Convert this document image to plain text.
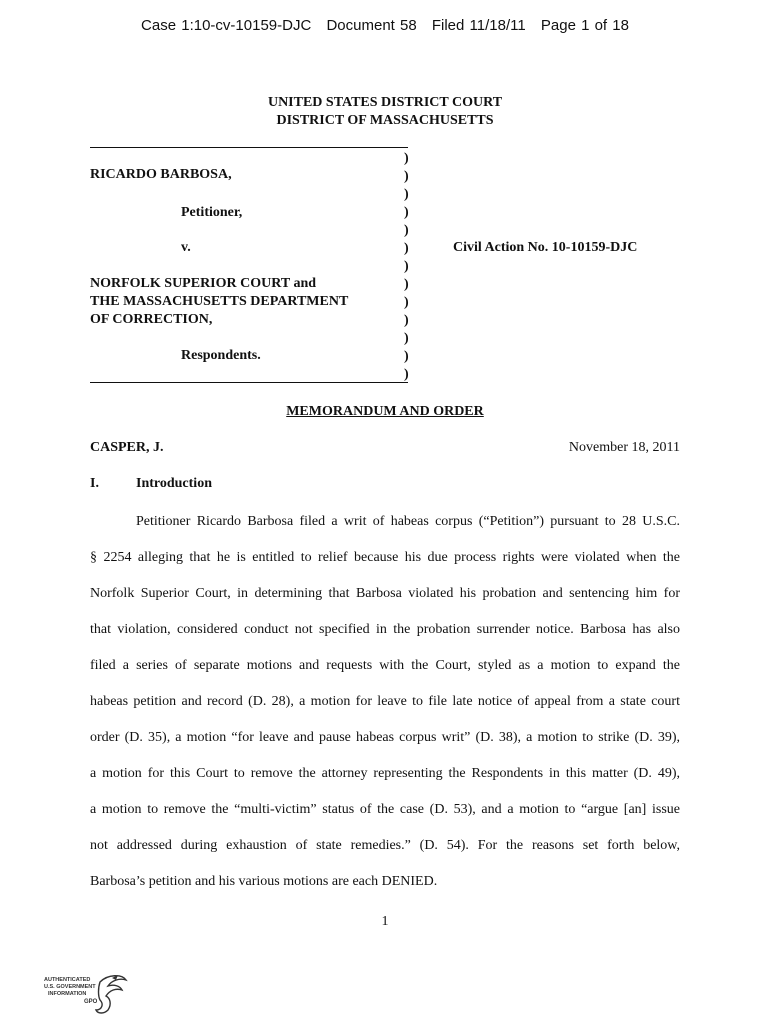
Case 1:10-cv-10159-DJC Document 58 Filed 11/18/11 Page 1 of 18
UNITED STATES DISTRICT COURT
DISTRICT OF MASSACHUSETTS
RICARDO BARBOSA,
Petitioner,
v.
NORFOLK SUPERIOR COURT and
THE MASSACHUSETTS DEPARTMENT
OF CORRECTION,
Respondents.
)
)
)
)
)
)
)
)
)
)
)
)
)
Civil Action No. 10-10159-DJC
MEMORANDUM AND ORDER
CASPER, J.	November 18, 2011
I.	Introduction
Petitioner Ricardo Barbosa filed a writ of habeas corpus (“Petition”) pursuant to 28 U.S.C.
§ 2254 alleging that he is entitled to relief because his due process rights were violated when the
Norfolk Superior Court, in determining that Barbosa violated his probation and sentencing him for
that violation, considered conduct not specified in the probation surrender notice. Barbosa has also
filed a series of separate motions and requests with the Court, styled as a motion to expand the
habeas petition and record (D. 28), a motion for leave to file late notice of appeal from a state court
order (D. 35), a motion “for leave and pause habeas corpus writ” (D. 38), a motion to strike (D. 39),
a motion for this Court to remove the attorney representing the Respondents in this matter (D. 49),
a motion to remove the “multi-victim” status of the case (D. 53), and a motion to “argue [an] issue
not addressed during exhaustion of state remedies.” (D. 54). For the reasons set forth below,
Barbosa’s petition and his various motions are each DENIED.
1
AUTHENTICATED
U.S. GOVERNMENT
INFORMATION
GPO
